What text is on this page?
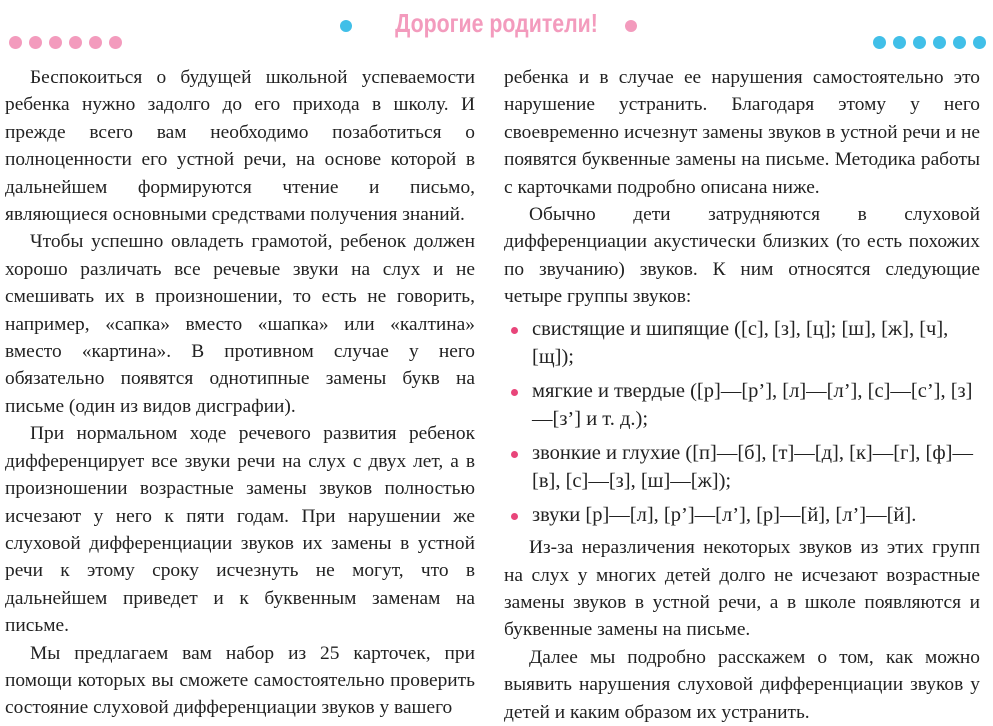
Дорогие родители!

Беспокоиться о будущей школьной успеваемости ребенка нужно задолго до его прихода в школу. И прежде всего вам необходимо позаботиться о полноценности его устной речи, на основе которой в дальнейшем формируются чтение и письмо, являющиеся основными средствами получения знаний.

Чтобы успешно овладеть грамотой, ребенок должен хорошо различать все речевые звуки на слух и не смешивать их в произношении, то есть не говорить, например, «сапка» вместо «шапка» или «калтина» вместо «картина». В противном случае у него обязательно появятся однотипные замены букв на письме (один из видов дисграфии).

При нормальном ходе речевого развития ребенок дифференцирует все звуки речи на слух с двух лет, а в произношении возрастные замены звуков полностью исчезают у него к пяти годам. При нарушении же слуховой дифференциации звуков их замены в устной речи к этому сроку исчезнуть не могут, что в дальнейшем приведет и к буквенным заменам на письме.

Мы предлагаем вам набор из 25 карточек, при помощи которых вы сможете самостоятельно проверить состояние слуховой дифференциации звуков у вашего

ребенка и в случае ее нарушения самостоятельно это нарушение устранить. Благодаря этому у него своевременно исчезнут замены звуков в устной речи и не появятся буквенные замены на письме. Методика работы с карточками подробно описана ниже.

Обычно дети затрудняются в слуховой дифференциации акустически близких (то есть похожих по звучанию) звуков. К ним относятся следующие четыре группы звуков:

свистящие и шипящие ([с], [з], [ц]; [ш], [ж], [ч], [щ]);
мягкие и твердые ([р]—[р’], [л]—[л’], [с]—[с’], [з]—[з’] и т. д.);
звонкие и глухие ([п]—[б], [т]—[д], [к]—[г], [ф]—[в], [с]—[з], [ш]—[ж]);
звуки [р]—[л], [р’]—[л’], [р]—[й], [л’]—[й].

Из-за неразличения некоторых звуков из этих групп на слух у многих детей долго не исчезают возрастные замены звуков в устной речи, а в школе появляются и буквенные замены на письме.

Далее мы подробно расскажем о том, как можно выявить нарушения слуховой дифференциации звуков у детей и каким образом их устранить.
